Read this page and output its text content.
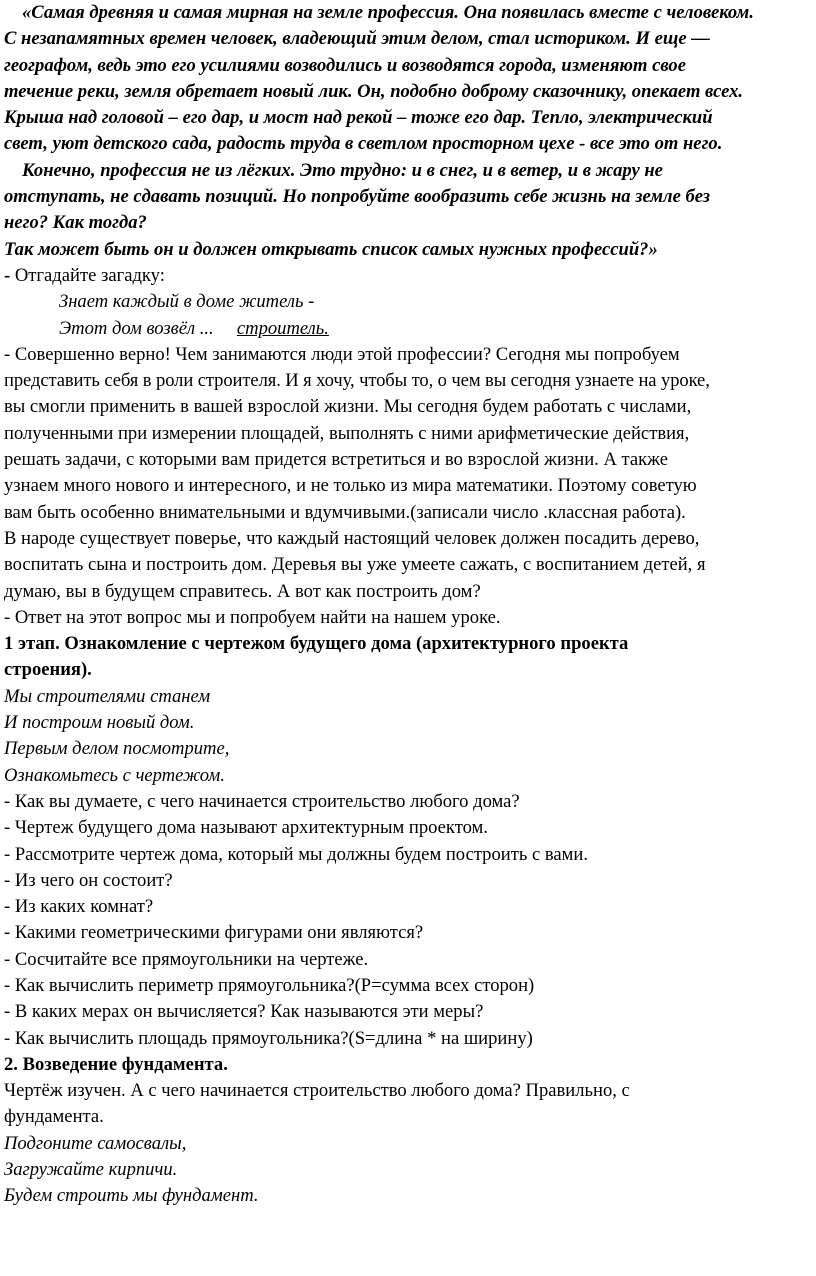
«Самая древняя и самая мирная на земле профессия. Она появилась вместе с человеком.
С незапамятных времен человек, владеющий этим делом, стал историком. И еще —
географом, ведь это его усилиями возводились и возводятся города, изменяют свое
течение реки, земля обретает новый лик. Он, подобно доброму сказочнику, опекает всех.
Крыша над головой – его дар, и мост над рекой – тоже его дар. Тепло, электрический
свет, уют детского сада, радость труда в светлом просторном цехе - все это от него.
Конечно, профессия не из лёгких. Это трудно: и в снег, и в ветер, и в жару не
отступать, не сдавать позиций. Но попробуйте вообразить себе жизнь на земле без
него? Как тогда?
Так может быть он и должен открывать список самых нужных профессий?»
- Отгадайте загадку:
Знает каждый в доме житель -
Этот дом возвёл ...     строитель.
- Совершенно верно! Чем занимаются люди этой профессии? Сегодня мы попробуем
представить себя в роли строителя. И я хочу, чтобы то, о чем вы сегодня узнаете на уроке,
вы смогли применить в вашей взрослой жизни. Мы сегодня будем работать с числами,
полученными при измерении площадей, выполнять с ними арифметические действия,
решать задачи, с которыми вам придется встретиться и во взрослой жизни. А также
узнаем много нового и интересного, и не только из мира математики. Поэтому советую
вам быть особенно внимательными и вдумчивыми.(записали число .классная работа).
В народе существует поверье, что каждый настоящий человек должен посадить дерево,
воспитать сына и построить дом. Деревья вы уже умеете сажать, с воспитанием детей, я
думаю, вы в будущем справитесь. А вот как построить дом?
- Ответ на этот вопрос мы и попробуем найти на нашем уроке.
1 этап. Ознакомление с чертежом будущего дома (архитектурного проекта
строения).
Мы строителями станем
И построим новый дом.
Первым делом посмотрите,
Ознакомьтесь с чертежом.
- Как вы думаете, с чего начинается строительство любого дома?
- Чертеж будущего дома называют архитектурным проектом.
- Рассмотрите чертеж дома, который мы должны будем построить с вами.
- Из чего он состоит?
- Из каких комнат?
- Какими геометрическими фигурами они являются?
- Сосчитайте все прямоугольники на чертеже.
- Как вычислить периметр прямоугольника?(Р=сумма всех сторон)
- В каких мерах он вычисляется? Как называются эти меры?
- Как вычислить площадь прямоугольника?(S=длина * на ширину)
2. Возведение фундамента.
Чертёж изучен. А с чего начинается строительство любого дома? Правильно, с
фундамента.
Подгоните самосвалы,
Загружайте кирпичи.
Будем строить мы фундамент.
